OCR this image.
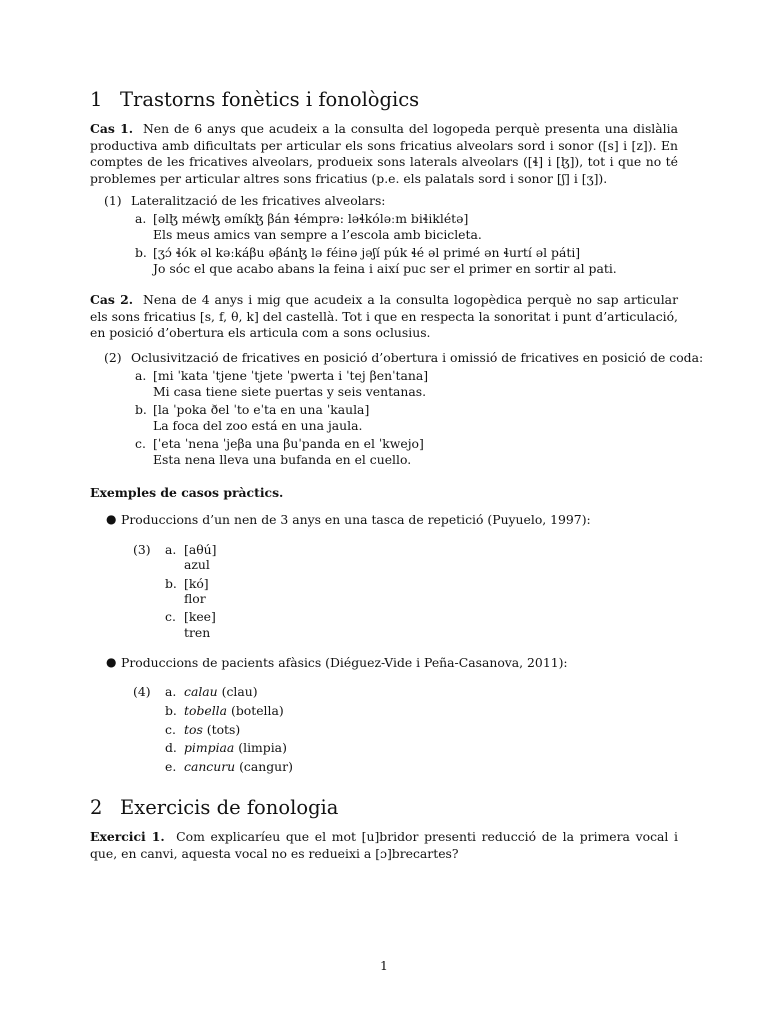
1 Trastorns fonètics i fonològics
Cas 1. Nen de 6 anys que acudeix a la consulta del logopeda perquè presenta una dislàlia productiva amb dificultats per articular els sons fricatius alveolars sord i sonor ([s] i [z]). En comptes de les fricatives alveolars, produeix sons laterals alveolars ([ɬ] i [ɮ]), tot i que no té problemes per articular altres sons fricatius (p.e. els palatals sord i sonor [ʃ] i [ʒ]).
(1) Lateralització de les fricatives alveolars:
a. [əlɮ méwɮ əmíkɮ βán ɬémprə: ləɬkóləːm biɬiklétə]
Els meus amics van sempre a l’escola amb bicicleta.
b. [ʒɔ́ ɬók əl kəːkáβu əβánɮ lə féinə jəʃí púk ɬé əl primé ən ɬurtí əl páti]
Jo sóc el que acabo abans la feina i així puc ser el primer en sortir al pati.
Cas 2. Nena de 4 anys i mig que acudeix a la consulta logopèdica perquè no sap articular els sons fricatius [s, f, θ, k] del castellà. Tot i que en respecta la sonoritat i punt d’articulació, en posició d’obertura els articula com a sons oclusius.
(2) Oclusivització de fricatives en posició d’obertura i omissió de fricatives en posició de coda:
a. [mi ˈkata ˈtjene ˈtjete ˈpwerta i ˈtej βenˈtana]
Mi casa tiene siete puertas y seis ventanas.
b. [la ˈpoka ðel ˈto eˈta en una ˈkaula]
La foca del zoo está en una jaula.
c. [ˈeta ˈnena ˈjeβa una βuˈpanda en el ˈkwejo]
Esta nena lleva una bufanda en el cuello.
Exemples de casos pràctics.
● Produccions d’un nen de 3 anys en una tasca de repetició (Puyuelo, 1997):
(3) a. [aθú]
azul
b. [kó]
flor
c. [kee]
tren
● Produccions de pacients afàsics (Diéguez-Vide i Peña-Casanova, 2011):
(4) a. calau (clau)
b. tobella (botella)
c. tos (tots)
d. pimpiaa (limpia)
e. cancuru (cangur)
2 Exercicis de fonologia
Exercici 1. Com explicaríeu que el mot [u]bridor presenti reducció de la primera vocal i que, en canvi, aquesta vocal no es redueixi a [ɔ]brecartes?
1
